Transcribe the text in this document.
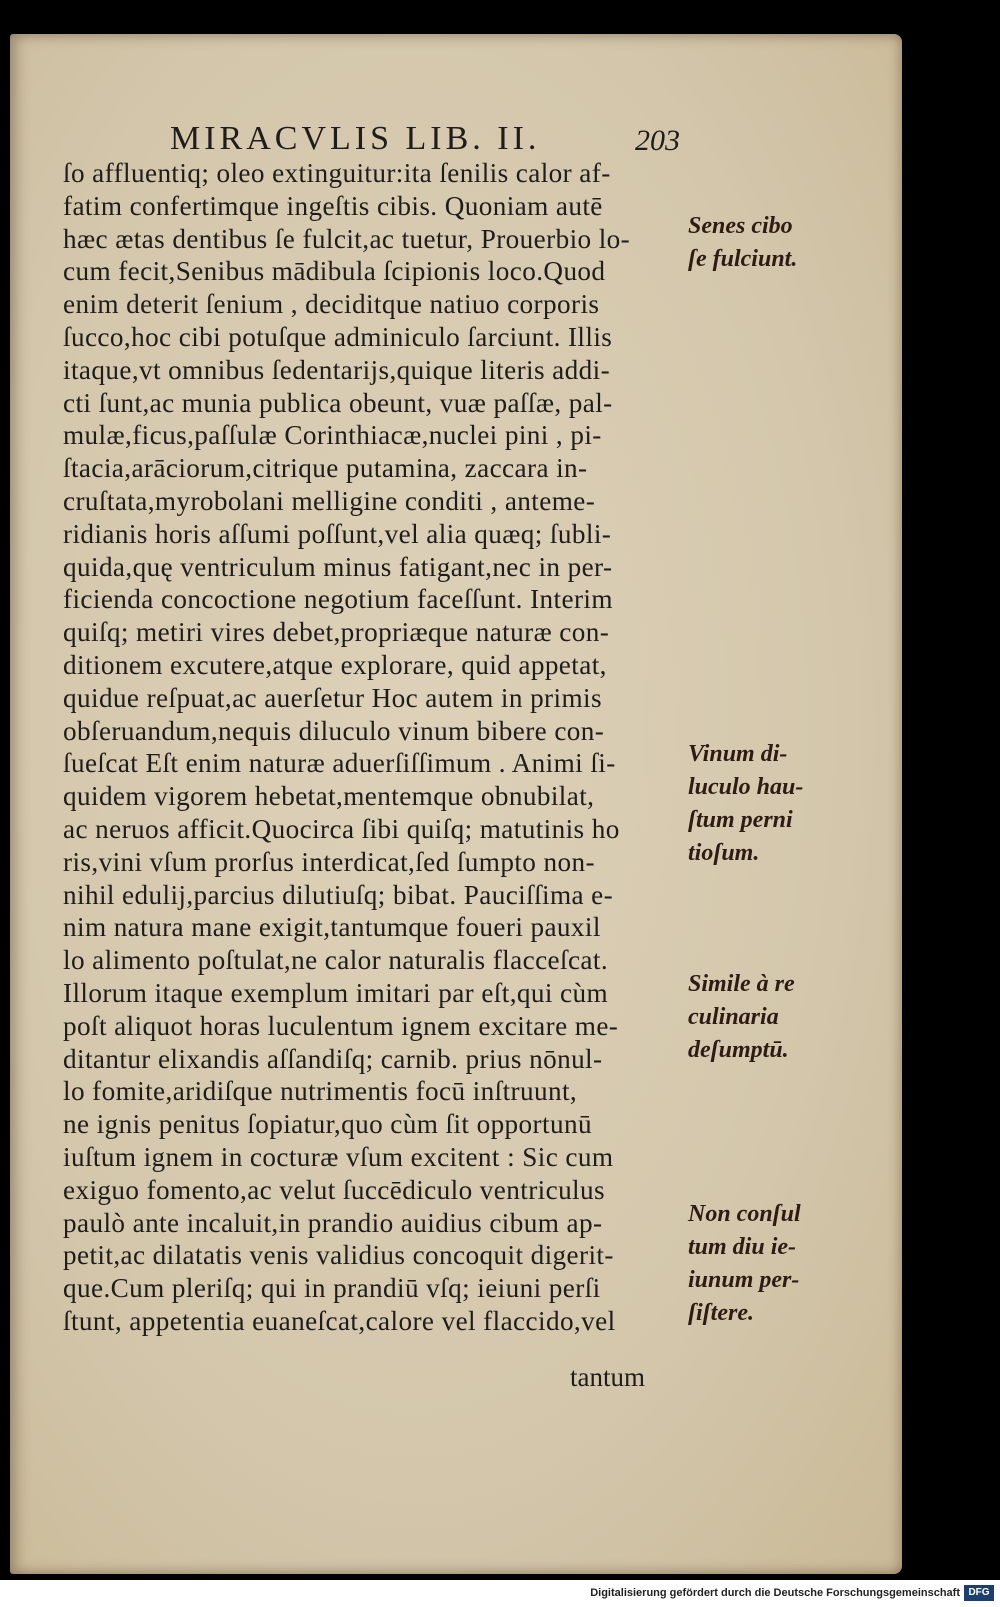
MIRACVLIS LIB. II.	203
ſo affluentiq; oleo extinguitur:ita ſenilis calor af-
fatim confertimque ingeſtis cibis. Quoniam autē
hæc ætas dentibus ſe fulcit,ac tuetur, Prouerbio lo-
cum fecit,Senibus mādibula ſcipionis loco.Quod
enim deterit ſenium , deciditque natiuo corporis
ſucco,hoc cibi potuſque adminiculo ſarciunt. Illis
itaque,vt omnibus ſedentarijs,quique literis addi-
cti ſunt,ac munia publica obeunt, vuæ paſſæ, pal-
mulæ,ficus,paſſulæ Corinthiacæ,nuclei pini , pi-
ſtacia,arāciorum,citrique putamina, zaccara in-
cruſtata,myrobolani melligine conditi , anteme-
ridianis horis aſſumi poſſunt,vel alia quæq; ſubli-
quida,quę ventriculum minus fatigant,nec in per-
ficienda concoctione negotium faceſſunt. Interim
quiſq; metiri vires debet,propriæque naturæ con-
ditionem excutere,atque explorare, quid appetat,
quidue reſpuat,ac auerſetur Hoc autem in primis
obſeruandum,nequis diluculo vinum bibere con-
ſueſcat Eſt enim naturæ aduerſiſſimum . Animi ſi-
quidem vigorem hebetat,mentemque obnubilat,
ac neruos afficit.Quocirca ſibi quiſq; matutinis ho
ris,vini vſum prorſus interdicat,ſed ſumpto non-
nihil edulij,parcius dilutiuſq; bibat. Pauciſſima e-
nim natura mane exigit,tantumque foueri pauxil
lo alimento poſtulat,ne calor naturalis flacceſcat.
Illorum itaque exemplum imitari par eſt,qui cùm
poſt aliquot horas luculentum ignem excitare me-
ditantur elixandis aſſandiſq; carnib. prius nōnul-
lo fomite,aridiſque nutrimentis focū inſtruunt,
ne ignis penitus ſopiatur,quo cùm ſit opportunū
iuſtum ignem in cocturæ vſum excitent : Sic cum
exiguo fomento,ac velut ſuccēdiculo ventriculus
paulò ante incaluit,in prandio auidius cibum ap-
petit,ac dilatatis venis validius concoquit digerit-
que.Cum pleriſq; qui in prandiū vſq; ieiuni perſi
ſtunt, appetentia euaneſcat,calore vel flaccido,vel
tantum
Senes cibo
ſe fulciunt.
Vinum di-
luculo hau-
ſtum perni
tioſum.
Simile à re
culinaria
deſumptū.
Non conſul
tum diu ie-
iunum per-
ſiſtere.
Digitalisierung gefördert durch die Deutsche Forschungsgemeinschaft DFG
